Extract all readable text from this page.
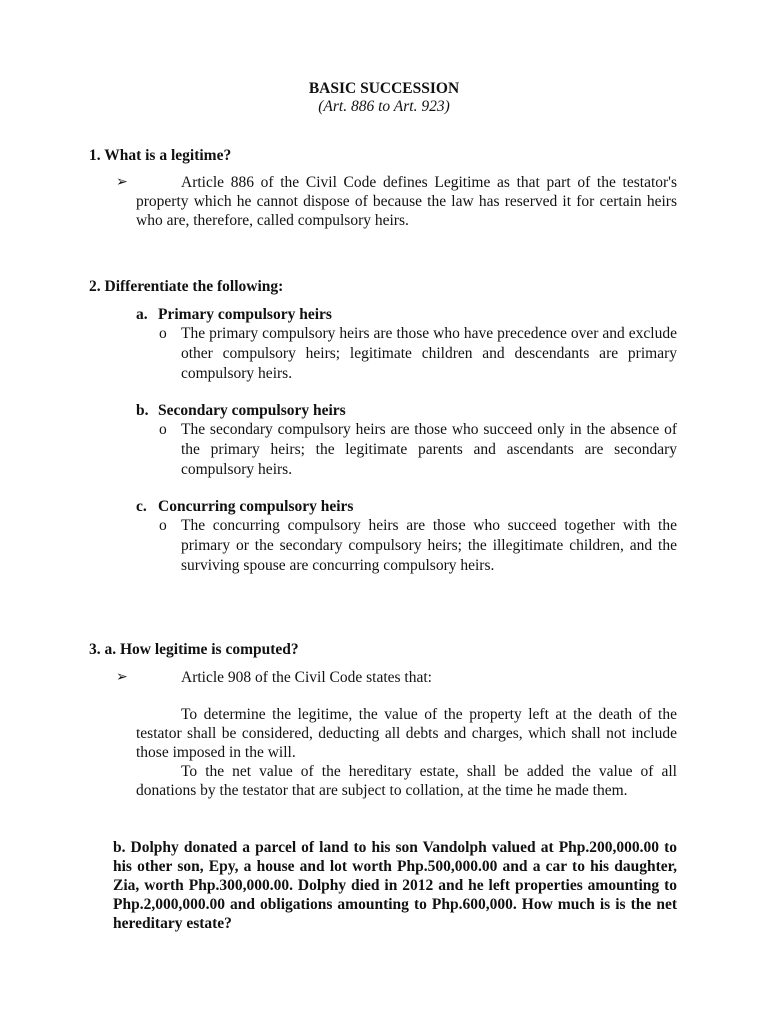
BASIC SUCCESSION
(Art. 886 to Art. 923)
1. What is a legitime?
➢	Article 886 of the Civil Code defines Legitime as that part of the testator's property which he cannot dispose of because the law has reserved it for certain heirs who are, therefore, called compulsory heirs.
2. Differentiate the following:
a. Primary compulsory heirs
o The primary compulsory heirs are those who have precedence over and exclude other compulsory heirs; legitimate children and descendants are primary compulsory heirs.
b. Secondary compulsory heirs
o The secondary compulsory heirs are those who succeed only in the absence of the primary heirs; the legitimate parents and ascendants are secondary compulsory heirs.
c. Concurring compulsory heirs
o The concurring compulsory heirs are those who succeed together with the primary or the secondary compulsory heirs; the illegitimate children, and the surviving spouse are concurring compulsory heirs.
3. a. How legitime is computed?
➢	Article 908 of the Civil Code states that:
To determine the legitime, the value of the property left at the death of the testator shall be considered, deducting all debts and charges, which shall not include those imposed in the will.
To the net value of the hereditary estate, shall be added the value of all donations by the testator that are subject to collation, at the time he made them.
b. Dolphy donated a parcel of land to his son Vandolph valued at Php.200,000.00 to his other son, Epy, a house and lot worth Php.500,000.00 and a car to his daughter, Zia, worth Php.300,000.00. Dolphy died in 2012 and he left properties amounting to Php.2,000,000.00 and obligations amounting to Php.600,000. How much is is the net hereditary estate?
